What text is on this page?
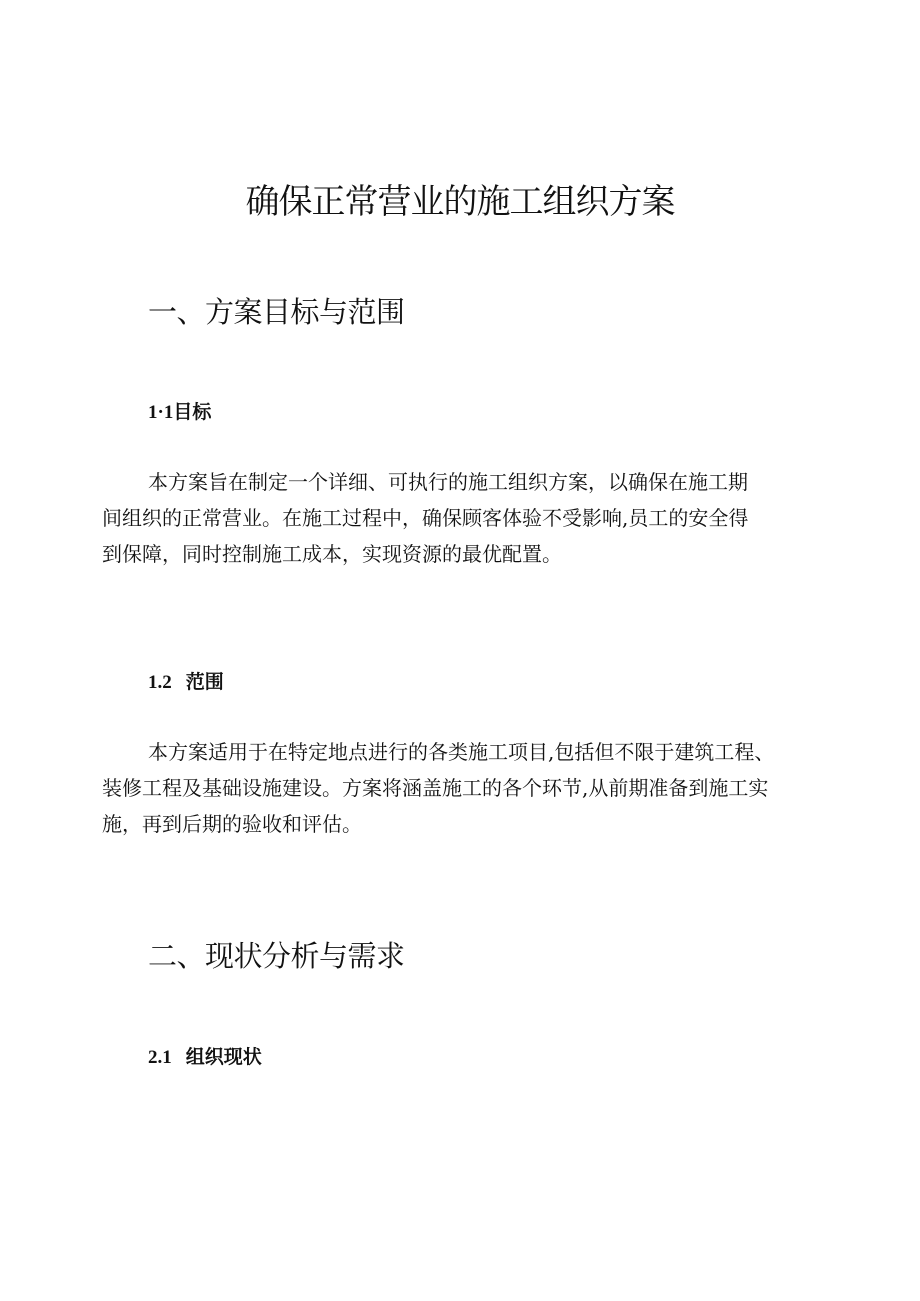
确保正常营业的施工组织方案
一、方案目标与范围
1·1目标
本方案旨在制定一个详细、可执行的施工组织方案，以确保在施工期
间组织的正常营业。在施工过程中，确保顾客体验不受影响,员工的安全得
到保障，同时控制施工成本，实现资源的最优配置。
1.2 范围
本方案适用于在特定地点进行的各类施工项目,包括但不限于建筑工程、
装修工程及基础设施建设。方案将涵盖施工的各个环节,从前期准备到施工实
施，再到后期的验收和评估。
二、现状分析与需求
2.1 组织现状
